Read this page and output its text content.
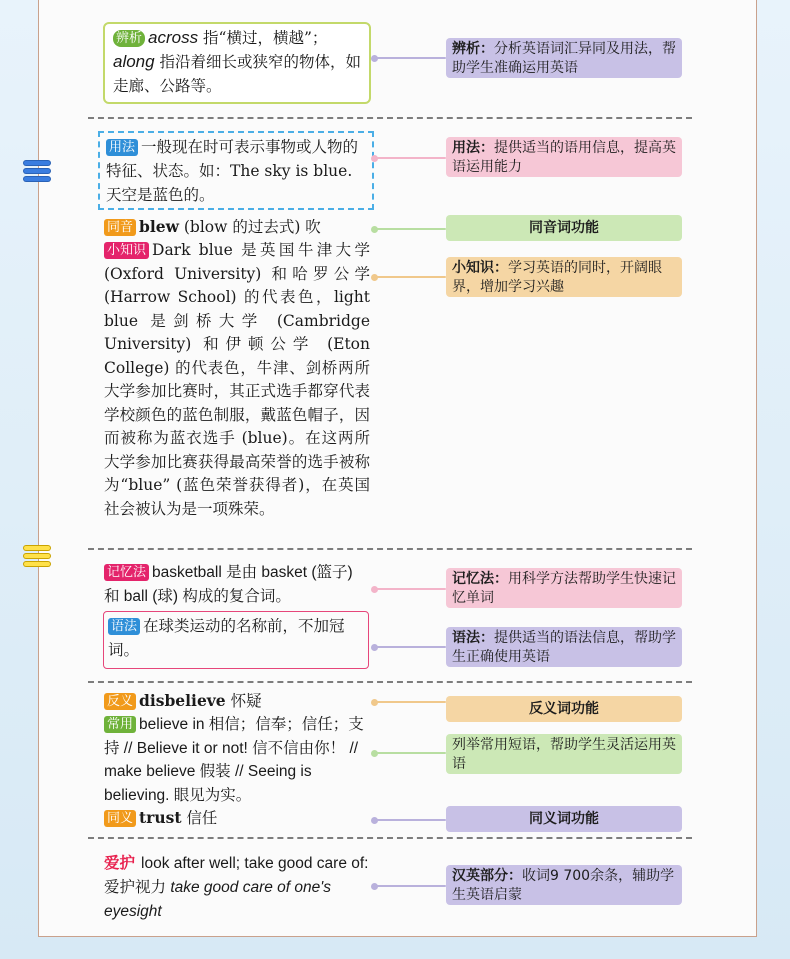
辨析 across 指“横过，横越”；
along 指沿着细长或狭窄的物体，如走廊、公路等。
用法 一般现在时可表示事物或人物的特征、状态。如：The sky is blue. 天空是蓝色的。
同音 blew (blow 的过去式) 吹
小知识 Dark blue 是英国牛津大学 (Oxford University) 和哈罗公学 (Harrow School) 的代表色，light blue 是剑桥大学 (Cambridge University) 和伊顿公学 (Eton College) 的代表色，牛津、剑桥两所大学参加比赛时，其正式选手都穿代表学校颜色的蓝色制服，戴蓝色帽子，因而被称为蓝衣选手 (blue)。在这两所大学参加比赛获得最高荣誉的选手被称为“blue” (蓝色荣誉获得者)，在英国社会被认为是一项殊荣。
记忆法 basketball 是由 basket (篮子) 和 ball (球) 构成的复合词。
语法 在球类运动的名称前，不加冠词。
反义 disbelieve 怀疑
常用 believe in 相信；信奉；信任；支持 // Believe it or not! 信不信由你！ // make believe 假装 // Seeing is believing. 眼见为实。
同义 trust 信任
爱护 look after well; take good care of: 爱护视力 take good care of one's eyesight
辨析：分析英语词汇异同及用法，帮助学生准确运用英语
用法：提供适当的语用信息，提高英语运用能力
同音词功能
小知识：学习英语的同时，开阔眼界，增加学习兴趣
记忆法：用科学方法帮助学生快速记忆单词
语法：提供适当的语法信息，帮助学生正确使用英语
反义词功能
列举常用短语，帮助学生灵活运用英语
同义词功能
汉英部分：收词9 700余条，辅助学生英语启蒙
